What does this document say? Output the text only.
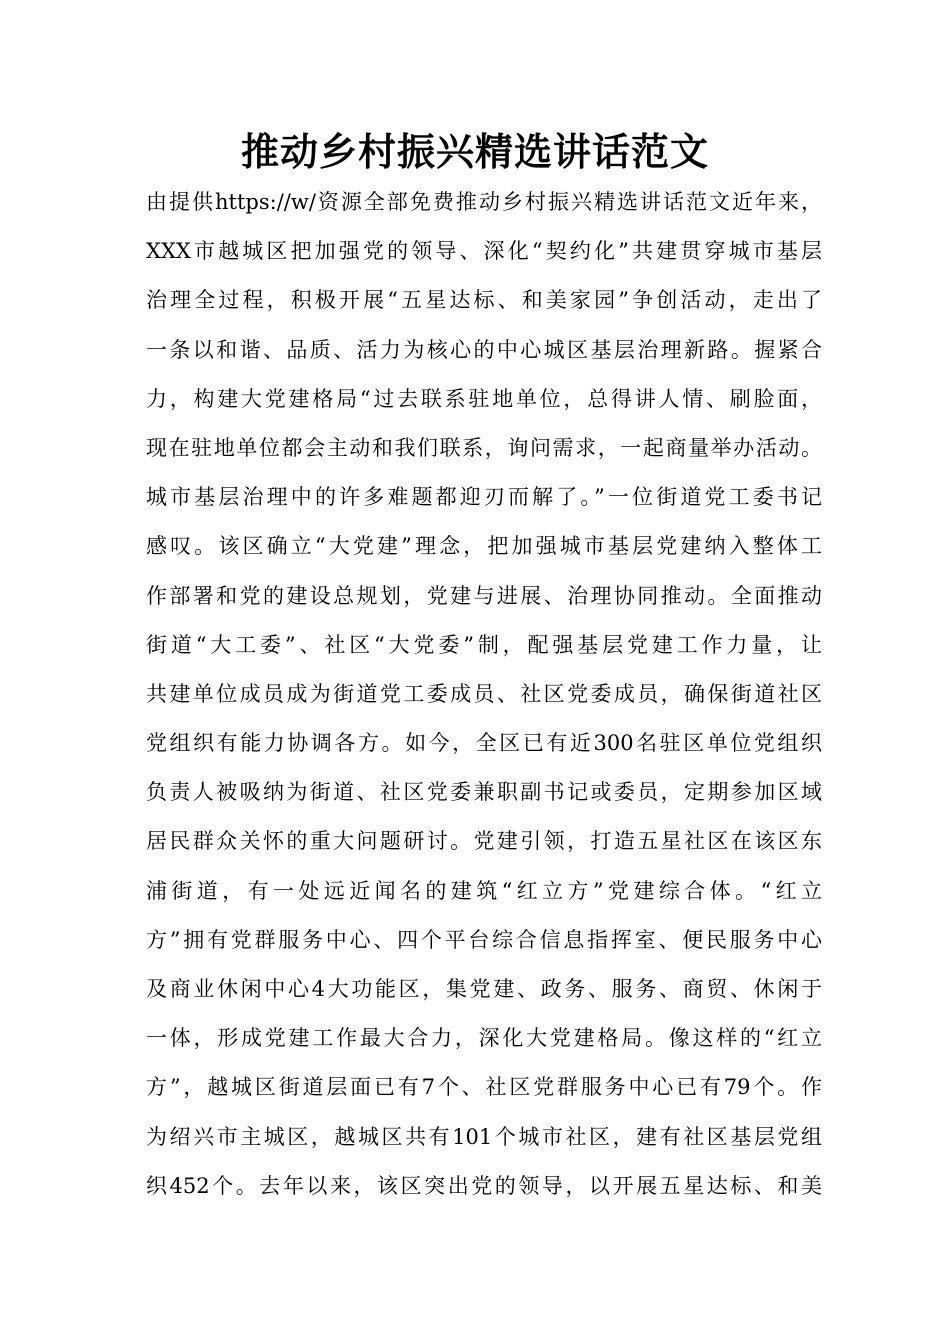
推动乡村振兴精选讲话范文
由提供https://w/资源全部免费推动乡村振兴精选讲话范文近年来，
XXX市越城区把加强党的领导、深化“契约化”共建贯穿城市基层
治理全过程，积极开展“五星达标、和美家园”争创活动，走出了
一条以和谐、品质、活力为核心的中心城区基层治理新路。握紧合
力，构建大党建格局“过去联系驻地单位，总得讲人情、刷脸面，
现在驻地单位都会主动和我们联系，询问需求，一起商量举办活动。
城市基层治理中的许多难题都迎刃而解了。”一位街道党工委书记
感叹。该区确立“大党建”理念，把加强城市基层党建纳入整体工
作部署和党的建设总规划，党建与进展、治理协同推动。全面推动
街道“大工委”、社区“大党委”制，配强基层党建工作力量，让
共建单位成员成为街道党工委成员、社区党委成员，确保街道社区
党组织有能力协调各方。如今，全区已有近300名驻区单位党组织
负责人被吸纳为街道、社区党委兼职副书记或委员，定期参加区域
居民群众关怀的重大问题研讨。党建引领，打造五星社区在该区东
浦街道，有一处远近闻名的建筑“红立方”党建综合体。“红立
方”拥有党群服务中心、四个平台综合信息指挥室、便民服务中心
及商业休闲中心4大功能区，集党建、政务、服务、商贸、休闲于
一体，形成党建工作最大合力，深化大党建格局。像这样的“红立
方”，越城区街道层面已有7个、社区党群服务中心已有79个。作
为绍兴市主城区，越城区共有101个城市社区，建有社区基层党组
织452个。去年以来，该区突出党的领导，以开展五星达标、和美
